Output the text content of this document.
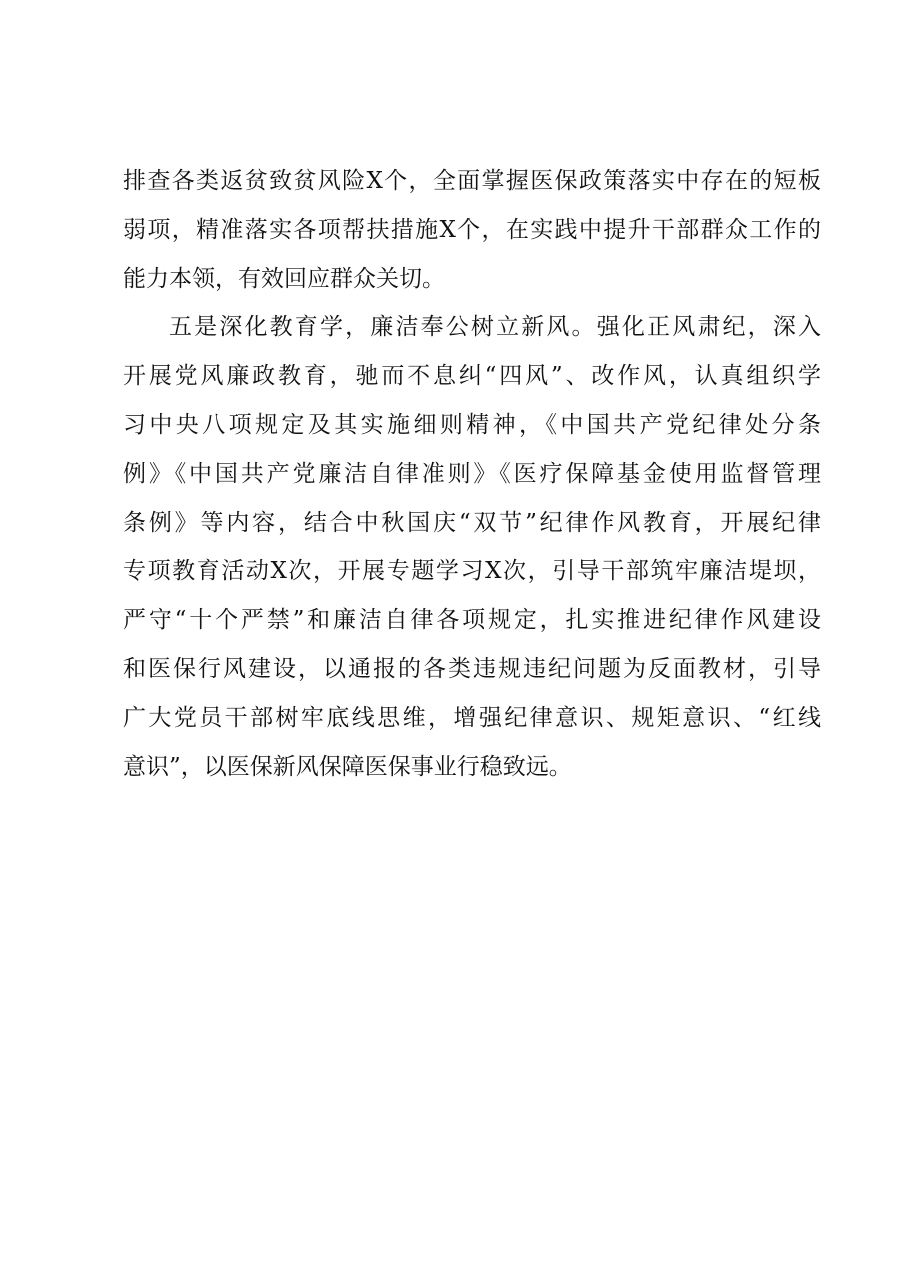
排查各类返贫致贫风险X个，全面掌握医保政策落实中存在的短板
弱项，精准落实各项帮扶措施X个，在实践中提升干部群众工作的
能力本领，有效回应群众关切。
五是深化教育学，廉洁奉公树立新风。强化正风肃纪，深入
开展党风廉政教育，驰而不息纠“四风”、改作风，认真组织学
习中央八项规定及其实施细则精神，《中国共产党纪律处分条
例》《中国共产党廉洁自律准则》《医疗保障基金使用监督管理
条例》等内容，结合中秋国庆“双节”纪律作风教育，开展纪律
专项教育活动X次，开展专题学习X次，引导干部筑牢廉洁堤坝，
严守“十个严禁”和廉洁自律各项规定，扎实推进纪律作风建设
和医保行风建设，以通报的各类违规违纪问题为反面教材，引导
广大党员干部树牢底线思维，增强纪律意识、规矩意识、“红线
意识”，以医保新风保障医保事业行稳致远。
